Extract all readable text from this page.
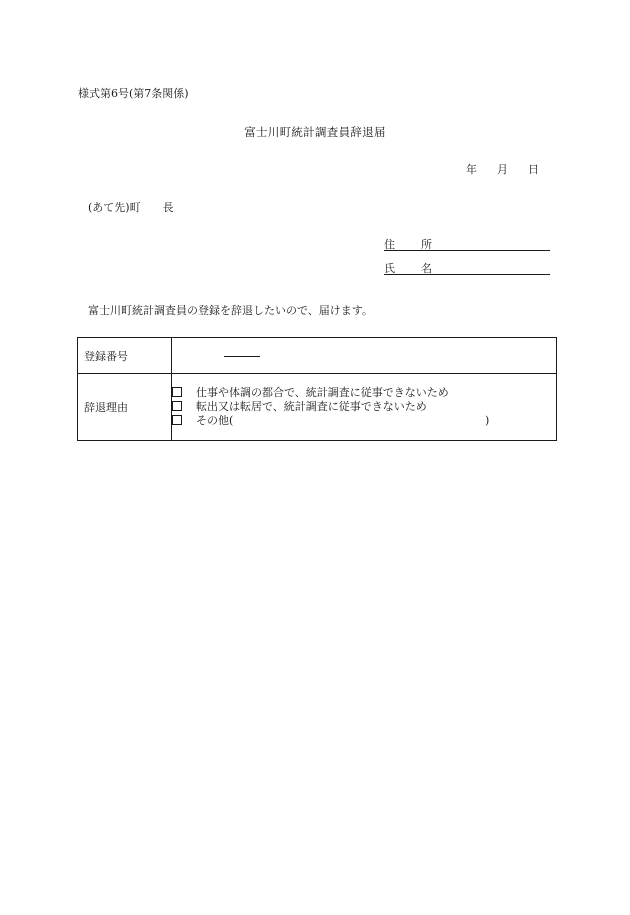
様式第6号(第7条関係)
富士川町統計調査員辞退届
年 月 日
(あて先)町 長
住 所
氏 名
富士川町統計調査員の登録を辞退したいので、届けます。
登録番号	
辞退理由	仕事や体調の都合で、統計調査に従事できないため
転出又は転居で、統計調査に従事できないため
その他( )
